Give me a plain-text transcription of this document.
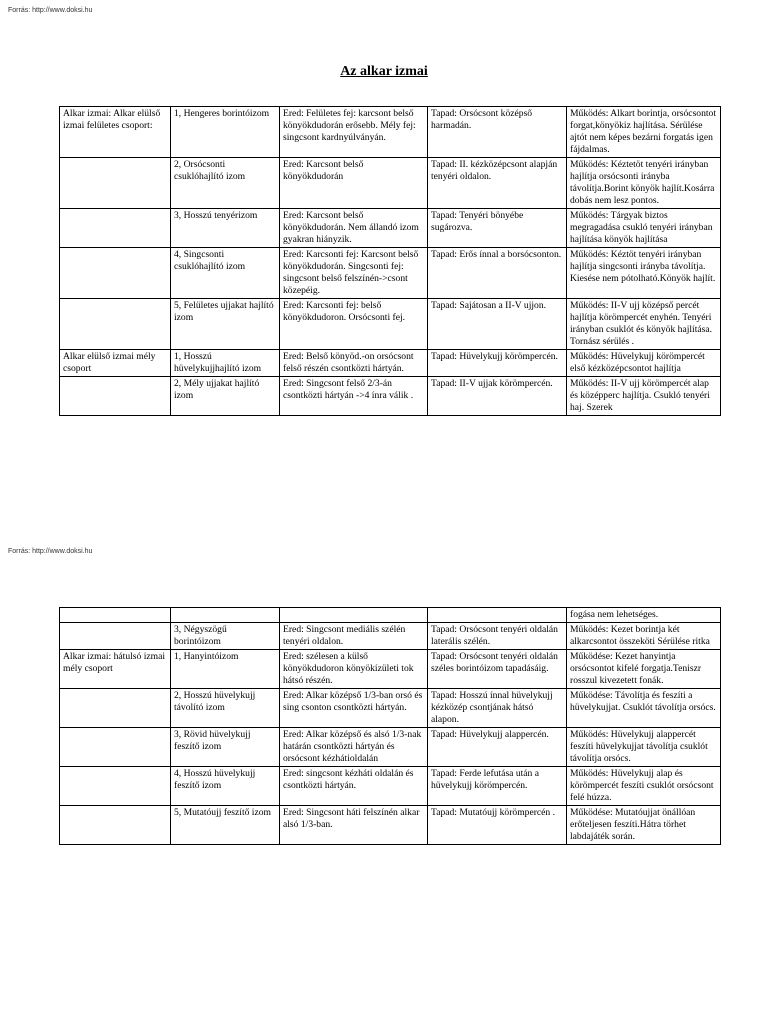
Forrás: http://www.doksi.hu
Az alkar izmai
Alkar izmai: Alkar elülső izmai felületes csoport:	1, Hengeres borintóizom	Ered: Felületes fej: karcsont belső könyökdudorán erősebb. Mély fej: singcsont kardnyúlványán.	Tapad: Orsócsont középső harmadán.	Működés: Alkart borintja, orsócsontot forgat,könyökiz hajlítása. Sérülése ajtót nem képes bezárni forgatás igen fájdalmas.
	2, Orsócsonti csuklóhajlító izom	Ered: Karcsont belső könyökdudorán	Tapad: II. kézközépcsont alapján tenyéri oldalon.	Működés: Kéztetöt tenyéri irányban hajlítja orsócsonti irányba távolítja.Borint könyök hajlít.Kosárra dobás nem lesz pontos.
	3, Hosszú tenyérizom	Ered: Karcsont belső könyökdudorán. Nem állandó izom gyakran hiányzik.	Tapad: Tenyéri bönyébe sugározva.	Működés: Tárgyak biztos megragadása csukló tenyéri irányban hajlítása könyök hajlítása
	4, Singcsonti csuklóhajlító izom	Ered: Karcsonti fej: Karcsont belső könyökdudorán. Singcsonti fej: singcsont belső felszínén->csont közepéig.	Tapad: Erős ínnal a borsócsonton.	Működés: Kéztöt tenyéri irányban hajlítja singcsonti irányba távolítja. Kiesése nem pótolható.Könyök hajlít.
	5, Felületes ujjakat hajlító izom	Ered: Karcsonti fej: belső könyökdudoron. Orsócsonti fej.	Tapad: Sajátosan a II-V ujjon.	Működés: II-V ujj középső percét hajlítja körömpercét enyhén. Tenyéri irányban csuklót és könyök hajlítása. Tornász sérülés .
Alkar elülső izmai mély csoport	1, Hosszú hüvelykujjhajlító izom	Ered: Belső könyöd.-on orsócsont felső részén csontközti hártyán.	Tapad: Hüvelykujj körömpercén.	Működés: Hüvelykujj körömpercét első kézközépcsontot hajlítja
	2, Mély ujjakat hajlító izom	Ered: Singcsont felső 2/3-án csontközti hártyán ->4 ínra válik .	Tapad: II-V ujjak körömpercén.	Működés: II-V ujj körömpercét alap és középperc hajlítja. Csukló tenyéri haj. Szerek
Forrás: http://www.doksi.hu
				fogása nem lehetséges.
	3, Négyszögű borintóizom	Ered: Singcsont mediális szélén tenyéri oldalon.	Tapad: Orsócsont tenyéri oldalán laterális szélén.	Működés: Kezet borintja két alkarcsontot összeköti Sérülése ritka
Alkar izmai: hátulsó izmai mély csoport	1, Hanyintóizom	Ered: szélesen a külső könyökdudoron könyökízületi tok hátsó részén.	Tapad: Orsócsont tenyéri oldalán széles borintóizom tapadásáig.	Működése: Kezet hanyintja orsócsontot kifelé forgatja.Teniszr rosszul kivezetett fonák.
	2, Hosszú hüvelykujj távolító izom	Ered: Alkar középső 1/3-ban orsó és sing csonton csontközti hártyán.	Tapad: Hosszú ínnal hüvelykujj kézközép csontjának hátsó alapon.	Működése: Távolítja és feszíti a hüvelykujjat. Csuklót távolítja orsócs.
	3, Rövid hüvelykujj feszítő izom	Ered: Alkar középső és alsó 1/3-nak határán csontközti hártyán és orsócsont kézhátioldalán	Tapad: Hüvelykujj alappercén.	Működés: Hüvelykujj alappercét feszíti hüvelykujjat távolítja csuklót távolítja orsócs.
	4, Hosszú hüvelykujj feszítő izom	Ered: singcsont kézháti oldalán és csontközti hártyán.	Tapad: Ferde lefutása után a hüvelykujj körömpercén.	Működés: Hüvelykujj alap és körömpercét feszíti csuklót orsócsont felé húzza.
	5, Mutatóujj feszítő izom	Ered: Singcsont háti felszínén alkar alsó 1/3-ban.	Tapad: Mutatóujj körömpercén .	Működése: Mutatóujjat önállóan erőteljesen feszíti.Hátra törhet labdajáték során.
